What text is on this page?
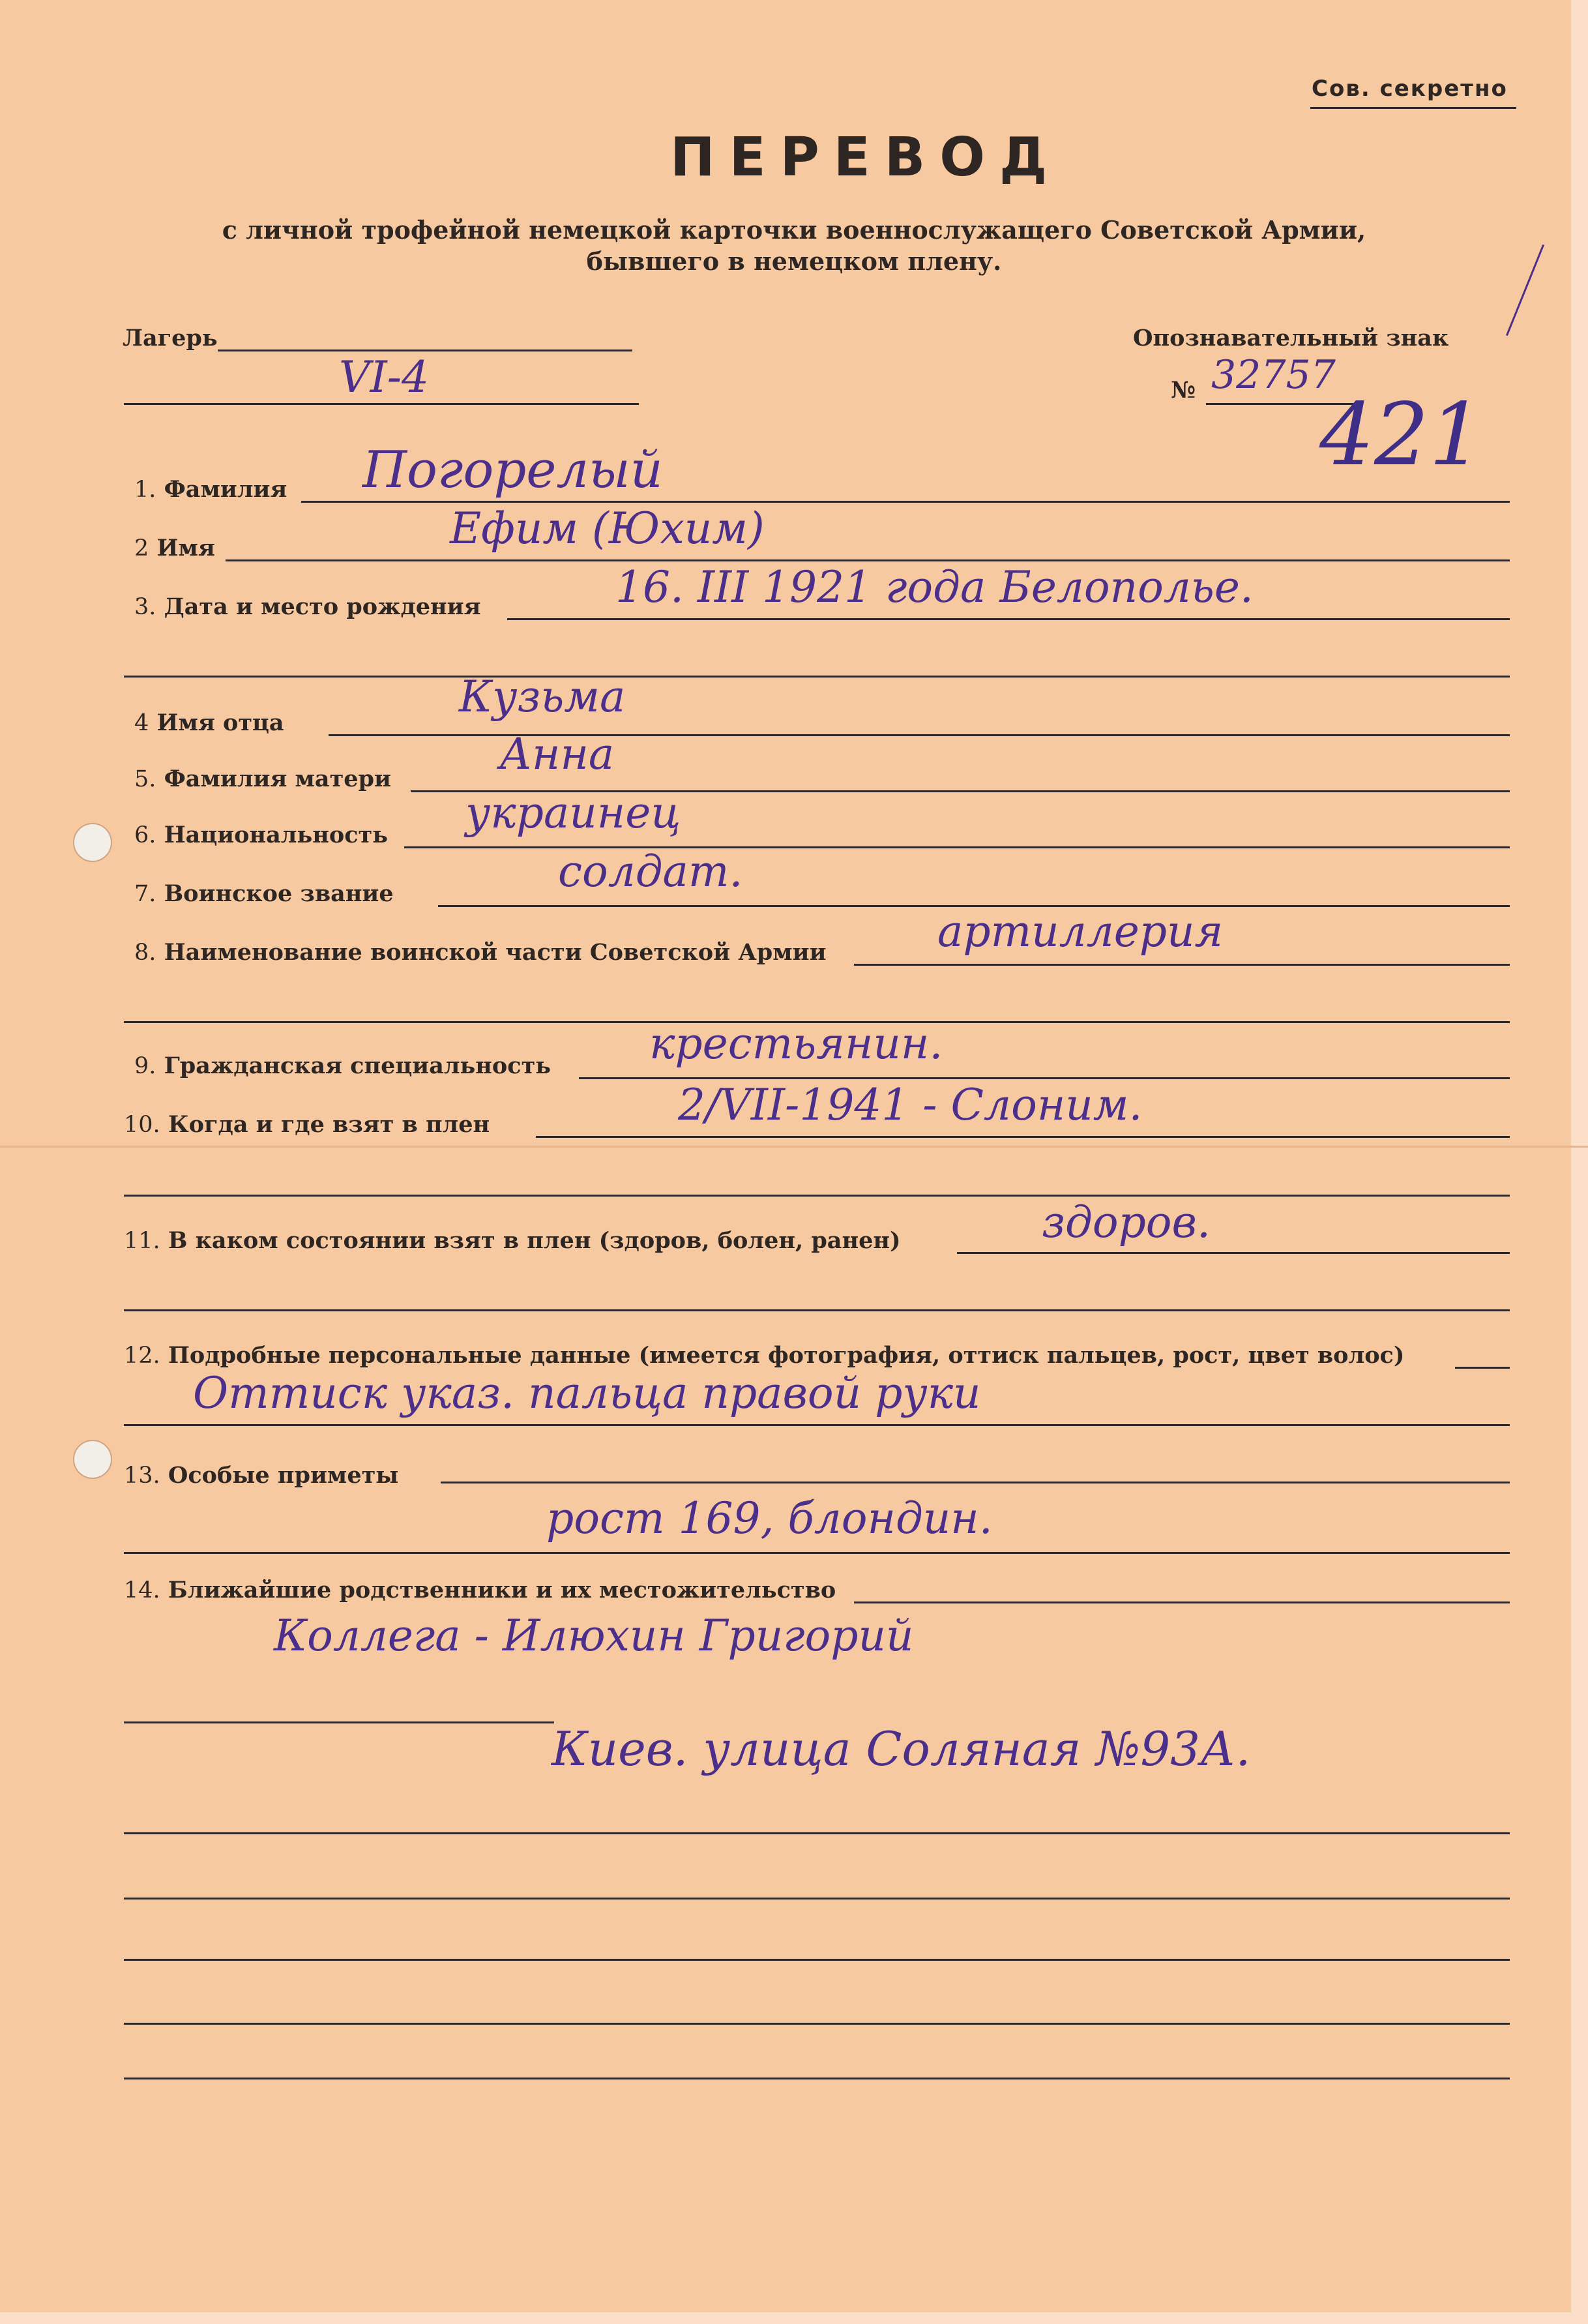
Сов. секретно
ПЕРЕВОД
с личной трофейной немецкой карточки военнослужащего Советской Армии,
бывшего в немецком плену.
Лагерь
VI-4
Опознавательный знак
№ 32757
421
1. Фамилия Погорелый
2 Имя	Ефим (Юхим)
3. Дата и место рождения	16. III 1921 года Белополье.
4 Имя отца
Кузьма
5. Фамилия матери	Анна
6. Национальность украинец
7. Воинское звание	солдат.
8. Наименование воинской части Советской Армии	артиллерия
9. Гражданская специальность крестьянин.
10. Когда и где взят в плен	2/VII-1941 - Слоним.
11. В каком состоянии взят в плен (здоров, болен, ранен)	здоров.
12. Подробные персональные данные (имеется фотография, оттиск пальцев, рост, цвет волос)
Оттиск указ. пальца правой руки
13. Особые приметы
рост 169, блондин.
14. Ближайшие родственники и их местожительство
Коллега - Илюхин Григорий
Киев. улица Соляная №93А.
